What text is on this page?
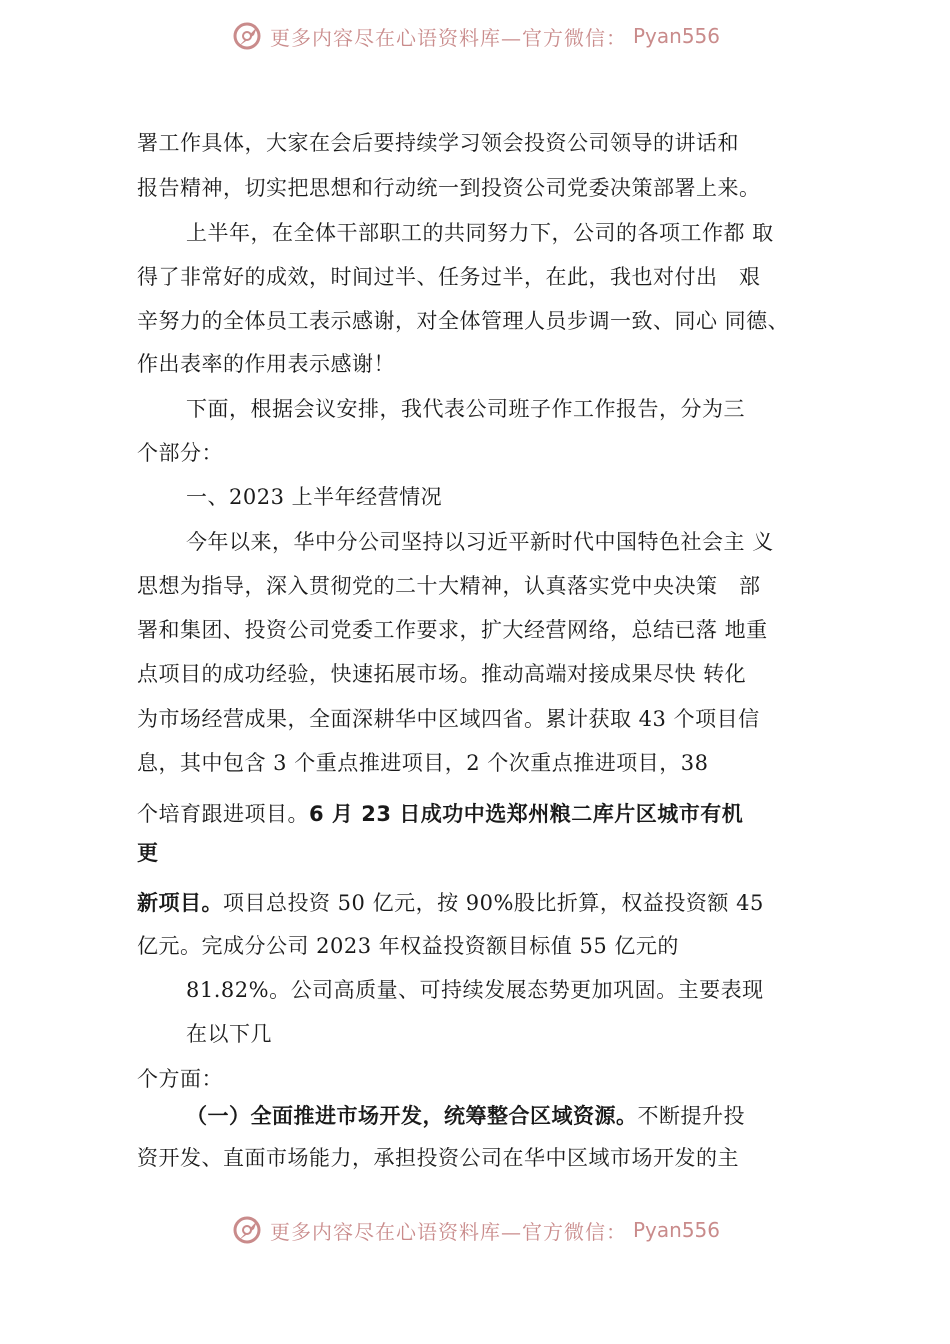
更多内容尽在心语资料库—官方微信： Pyan556
署工作具体，大家在会后要持续学习领会投资公司领导的讲话和
报告精神，切实把思想和行动统一到投资公司党委决策部署上来。
上半年，在全体干部职工的共同努力下，公司的各项工作都 取
得了非常好的成效，时间过半、任务过半，在此，我也对付出　艰
辛努力的全体员工表示感谢，对全体管理人员步调一致、同心 同德、
作出表率的作用表示感谢！
下面，根据会议安排，我代表公司班子作工作报告，分为三
个部分：
一、2023 上半年经营情况
今年以来，华中分公司坚持以习近平新时代中国特色社会主 义
思想为指导，深入贯彻党的二十大精神，认真落实党中央决策　部
署和集团、投资公司党委工作要求，扩大经营网络，总结已落 地重
点项目的成功经验，快速拓展市场。推动高端对接成果尽快 转化
为市场经营成果，全面深耕华中区域四省。累计获取 43 个项目信
息，其中包含 3 个重点推进项目，2 个次重点推进项目，38
个培育跟进项目。6 月 23 日成功中选郑州粮二库片区城市有机
更
新项目。项目总投资 50 亿元，按 90%股比折算，权益投资额 45
亿元。完成分公司 2023 年权益投资额目标值 55 亿元的
81.82%。公司高质量、可持续发展态势更加巩固。主要表现
在以下几
个方面：
（一）全面推进市场开发，统筹整合区域资源。不断提升投
资开发、直面市场能力，承担投资公司在华中区域市场开发的主
更多内容尽在心语资料库—官方微信： Pyan556
